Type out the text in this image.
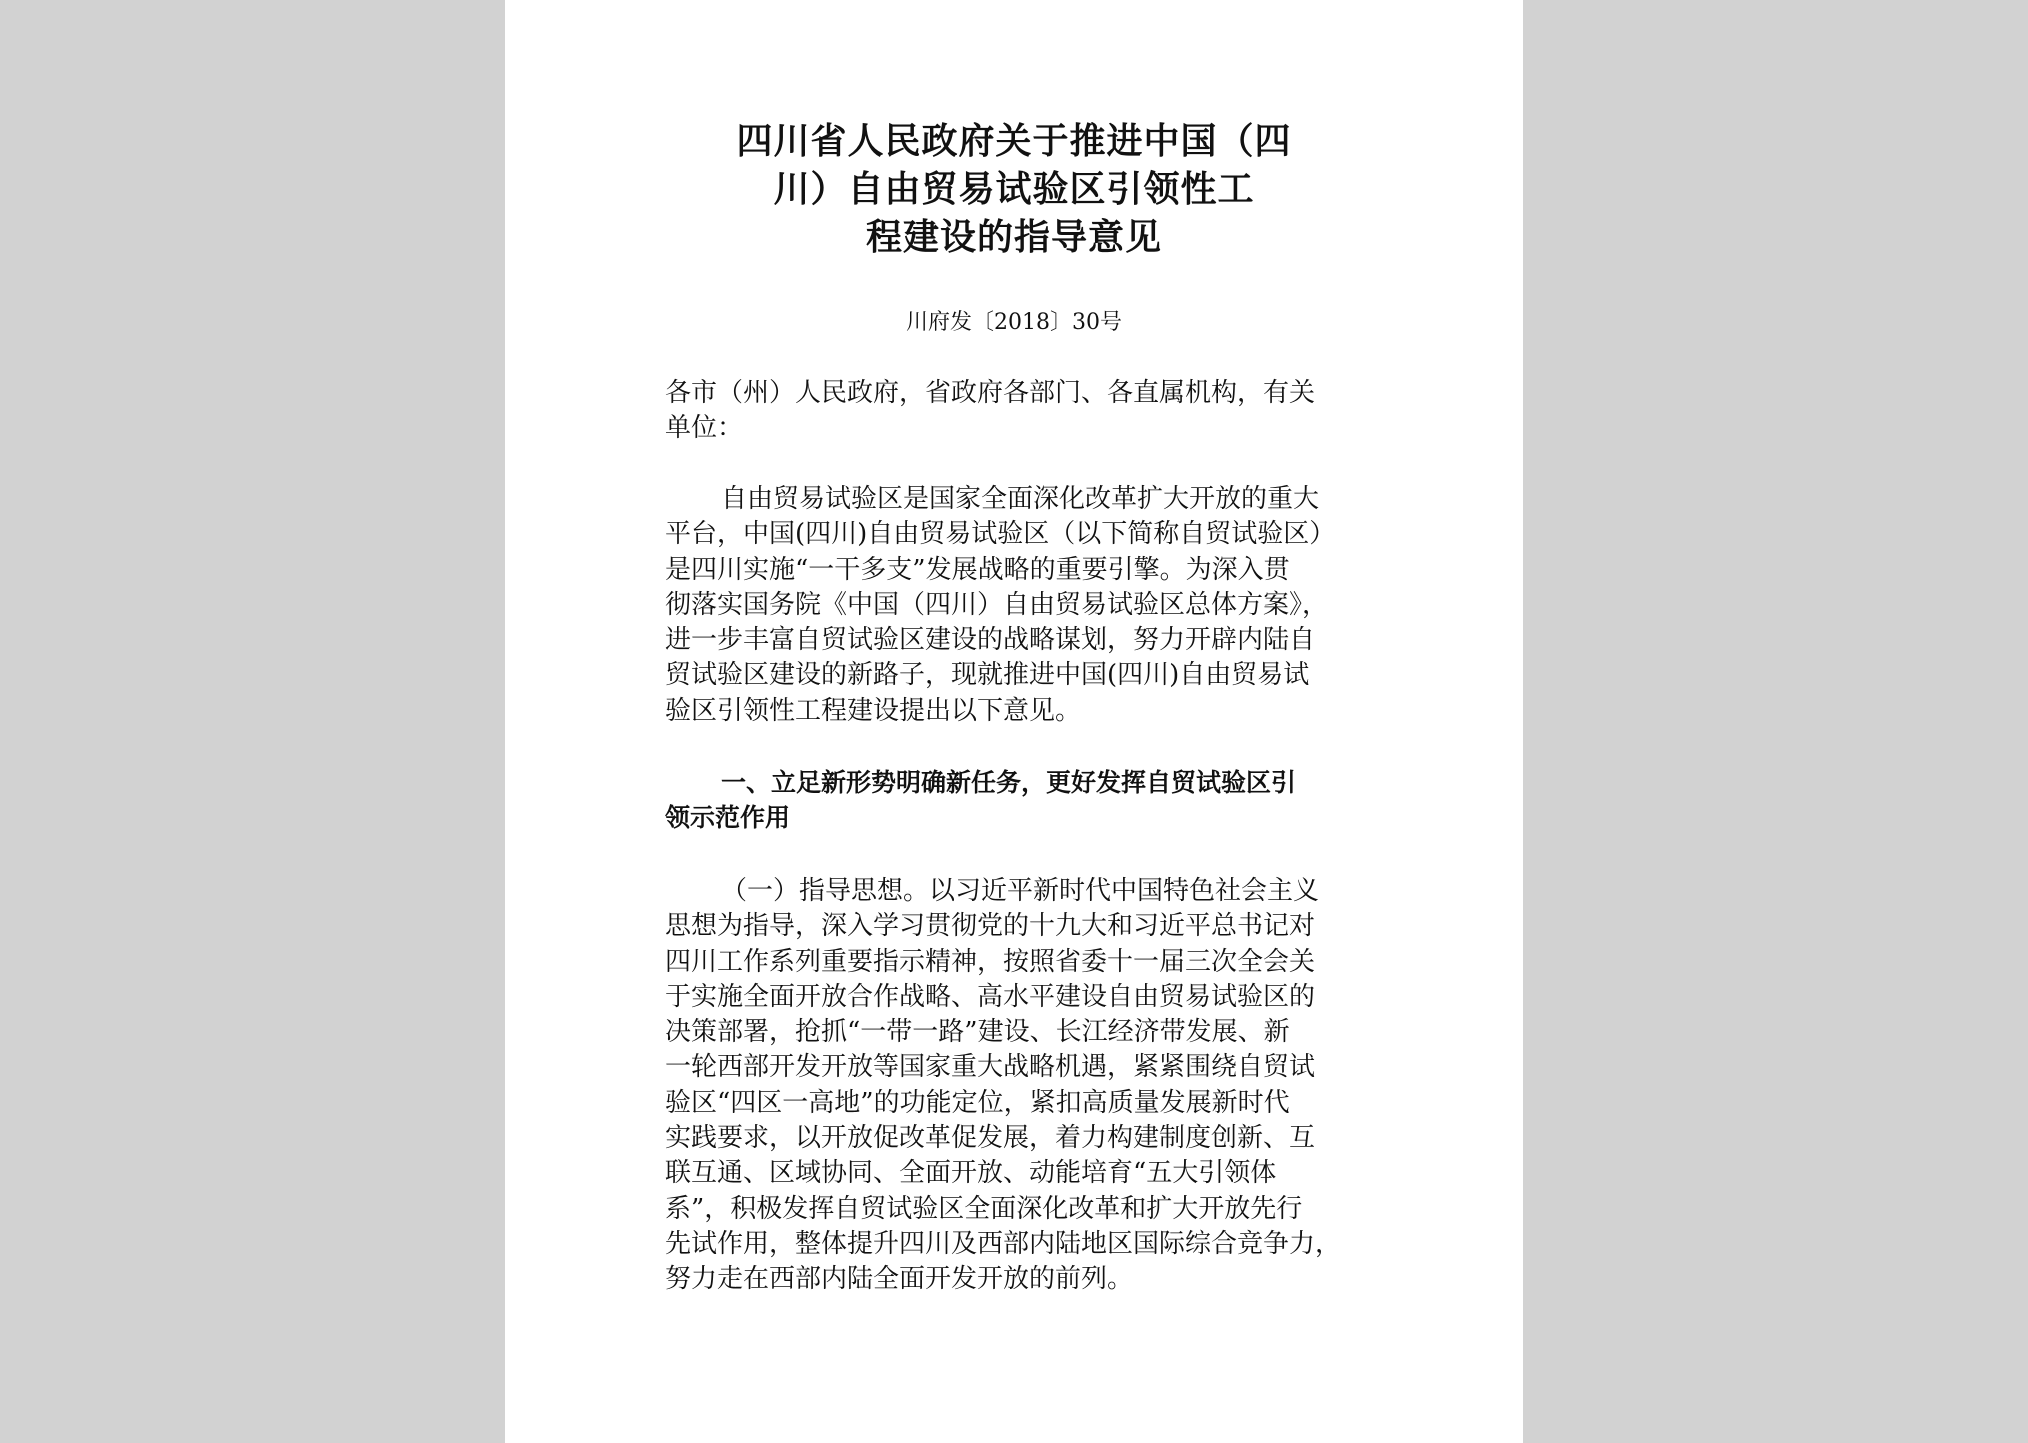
四川省人民政府关于推进中国（四
川）自由贸易试验区引领性工
程建设的指导意见
川府发〔2018〕30号
各市（州）人民政府，省政府各部门、各直属机构，有关
单位：
自由贸易试验区是国家全面深化改革扩大开放的重大
平台，中国(四川)自由贸易试验区（以下简称自贸试验区）
是四川实施“一干多支”发展战略的重要引擎。为深入贯
彻落实国务院《中国（四川）自由贸易试验区总体方案》，
进一步丰富自贸试验区建设的战略谋划，努力开辟内陆自
贸试验区建设的新路子，现就推进中国(四川)自由贸易试
验区引领性工程建设提出以下意见。
一、立足新形势明确新任务，更好发挥自贸试验区引
领示范作用
（一）指导思想。以习近平新时代中国特色社会主义
思想为指导，深入学习贯彻党的十九大和习近平总书记对
四川工作系列重要指示精神，按照省委十一届三次全会关
于实施全面开放合作战略、高水平建设自由贸易试验区的
决策部署，抢抓“一带一路”建设、长江经济带发展、新
一轮西部开发开放等国家重大战略机遇，紧紧围绕自贸试
验区“四区一高地”的功能定位，紧扣高质量发展新时代
实践要求，以开放促改革促发展，着力构建制度创新、互
联互通、区域协同、全面开放、动能培育“五大引领体
系”，积极发挥自贸试验区全面深化改革和扩大开放先行
先试作用，整体提升四川及西部内陆地区国际综合竞争力，
努力走在西部内陆全面开发开放的前列。
